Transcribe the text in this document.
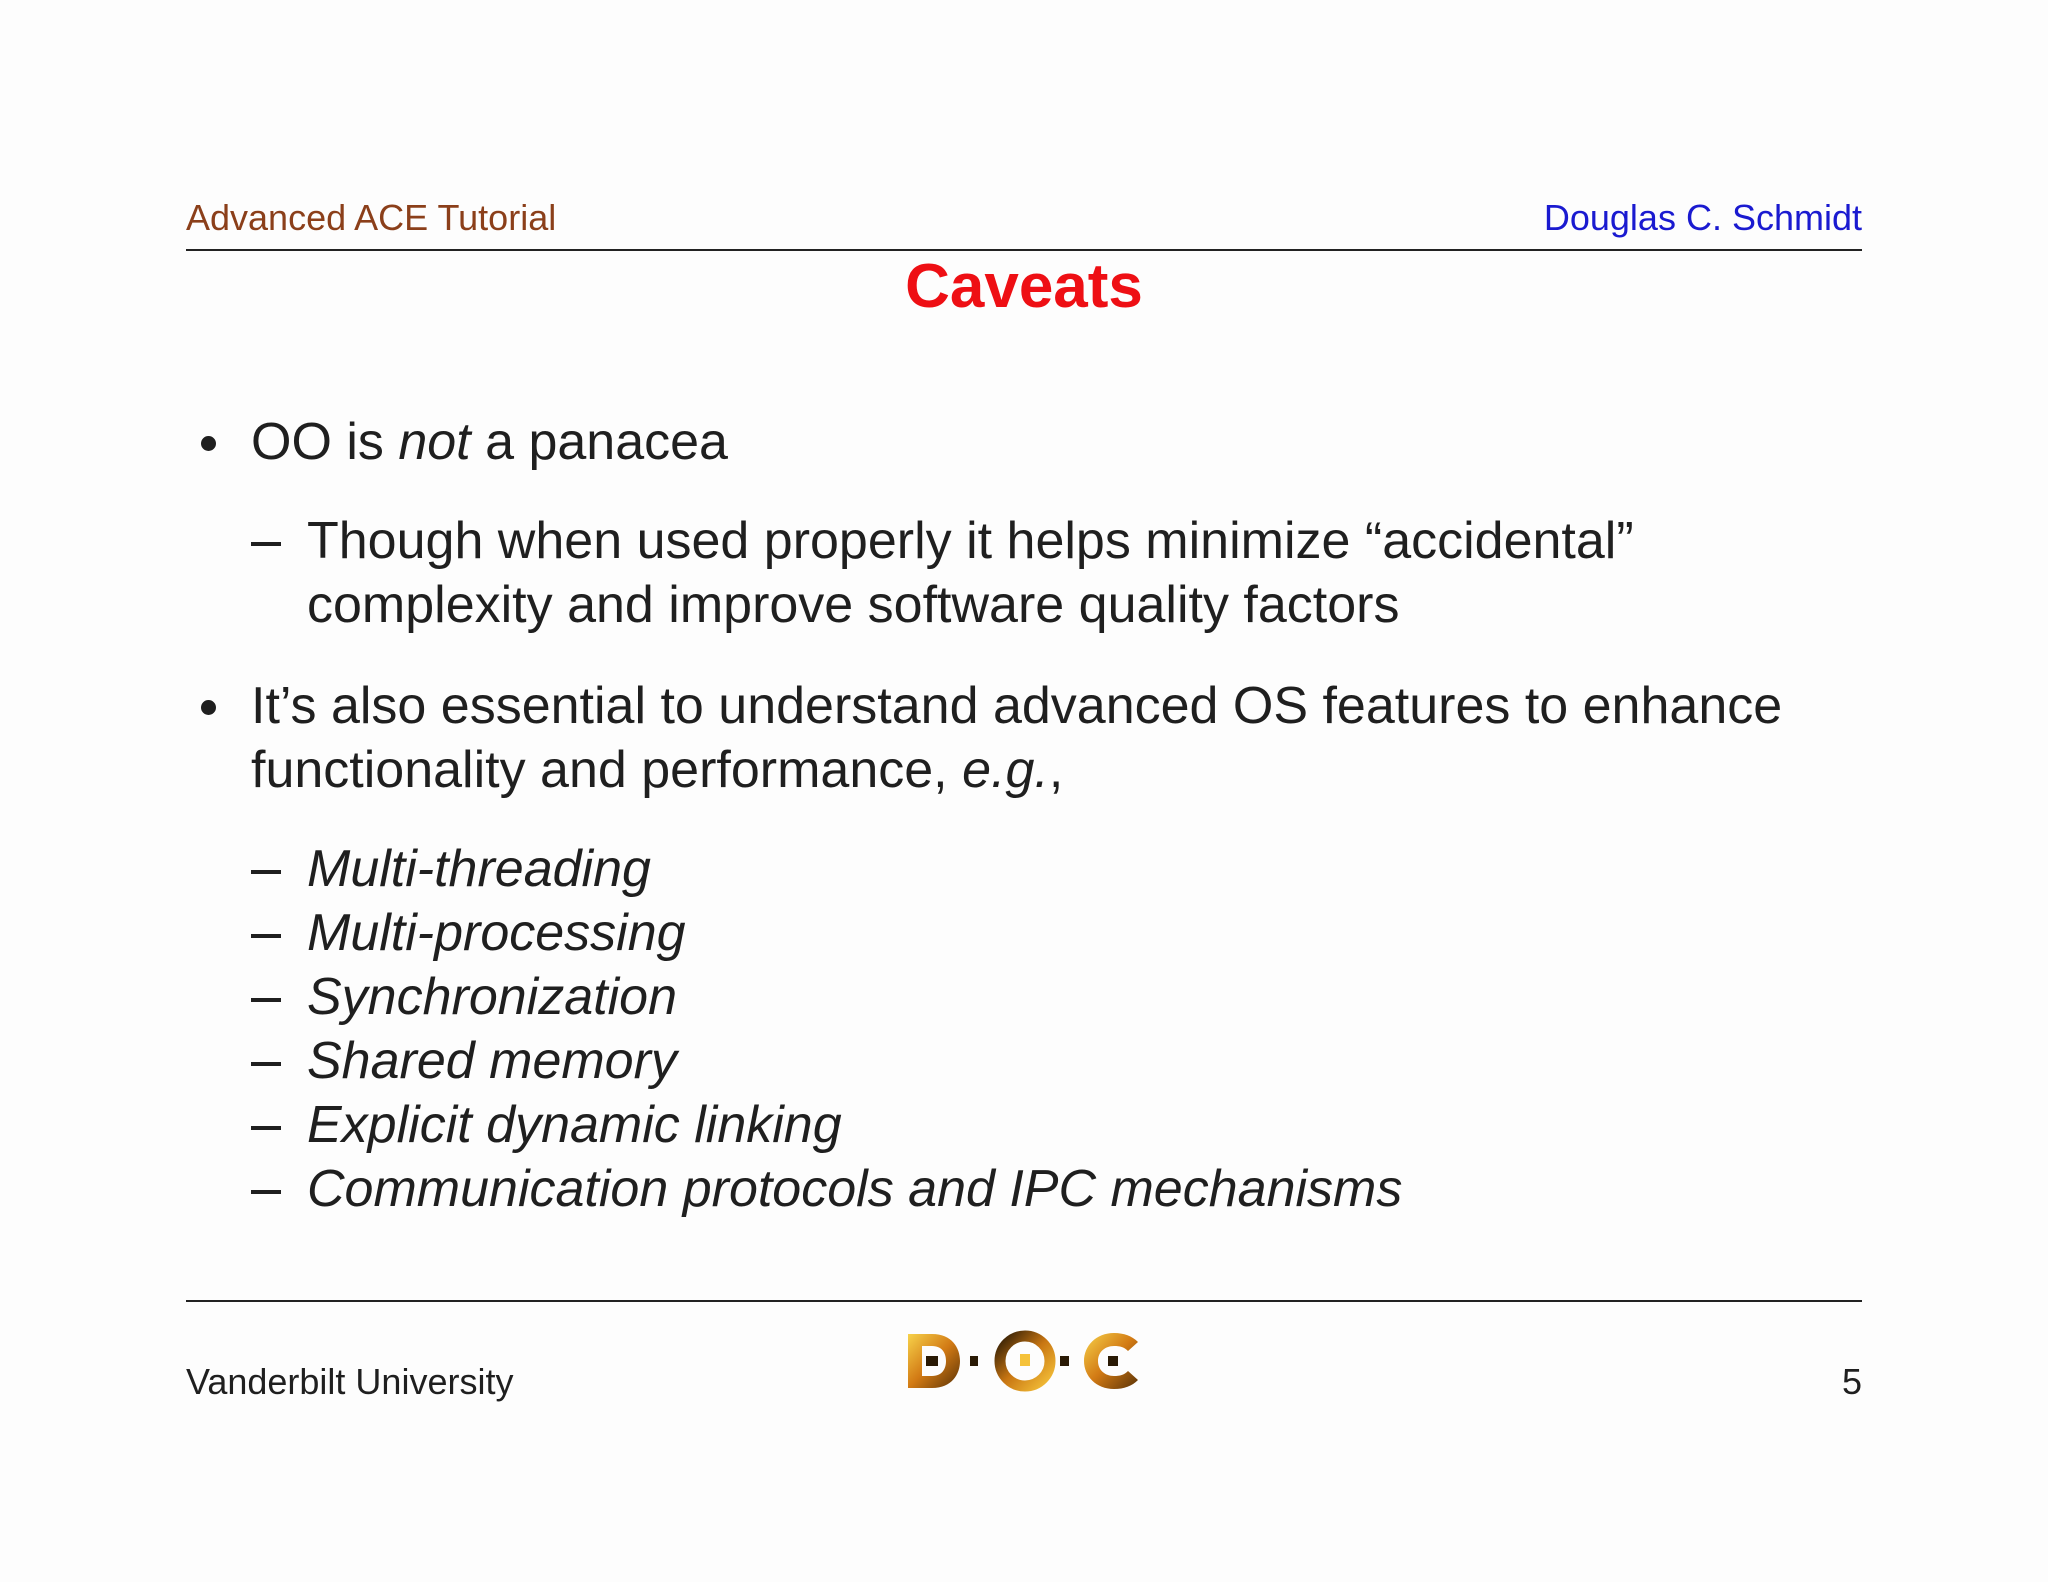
Advanced ACE Tutorial	Douglas C. Schmidt
Caveats
OO is not a panacea
Though when used properly it helps minimize “accidental”
complexity and improve software quality factors
It’s also essential to understand advanced OS features to enhance
functionality and performance, e.g.,
Multi-threading
Multi-processing
Synchronization
Shared memory
Explicit dynamic linking
Communication protocols and IPC mechanisms
Vanderbilt University	5
